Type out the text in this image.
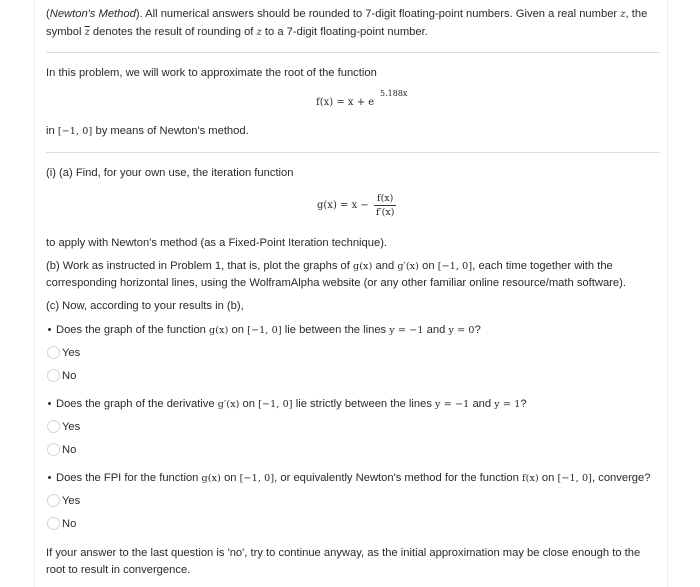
(Newton's Method). All numerical answers should be rounded to 7-digit floating-point numbers. Given a real number z, the
symbol $\overline{z}$ denotes the result of rounding of z to a 7-digit floating-point number.
In this problem, we will work to approximate the root of the function
f(x) = x + e
5.188x
in [−1, 0] by means of Newton's method.
(i) (a) Find, for your own use, the iteration function
$g(x) = x - \frac{f(x)}{f'(x)}$
to apply with Newton's method (as a Fixed-Point Iteration technique).
(b) Work as instructed in Problem 1, that is, plot the graphs of g(x) and g′(x) on [−1, 0], each time together with the
corresponding horizontal lines, using the WolframAlpha website (or any other familiar online resource/math software).
(c) Now, according to your results in (b),
Does the graph of the function g(x) on [−1, 0] lie between the lines y = −1 and y = 0?
Yes
No
Does the graph of the derivative g′(x) on [−1, 0] lie strictly between the lines y = −1 and y = 1?
Yes
No
Does the FPI for the function g(x) on [−1, 0], or equivalently Newton's method for the function f(x) on [−1, 0], converge?
Yes
No
If your answer to the last question is 'no', try to continue anyway, as the initial approximation may be close enough to the
root to result in convergence.
